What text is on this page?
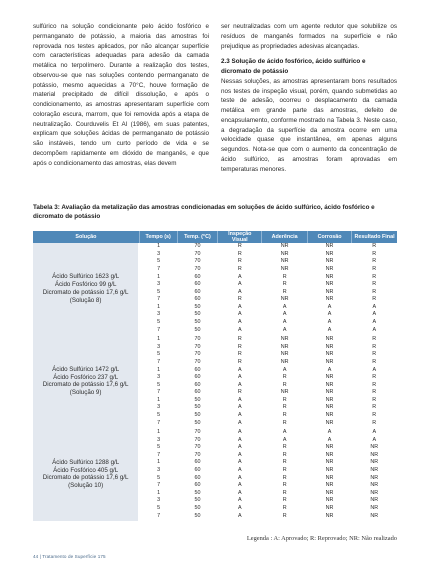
sulfúrico na solução condicionante pelo ácido fosfórico e permanganato de potássio, a maioria das amostras foi reprovada nos testes aplicados, por não alcançar superfície com características adequadas para adesão da camada metálica no terpolímero. Durante a realização dos testes, observou-se que nas soluções contendo permanganato de potássio, mesmo aquecidas a 70°C, houve formação de material precipitado de difícil dissolução, e após o condicionamento, as amostras apresentaram superfície com coloração escura, marrom, que foi removida após a etapa de neutralização. Courduvelis Et Al (1986), em suas patentes, explicam que soluções ácidas de permanganato de potássio são instáveis, tendo um curto período de vida e se decompõem rapidamente em dióxido de manganês, e que após o condicionamento das amostras, elas devem

ser neutralizadas com um agente redutor que solubilize os resíduos de manganês formados na superfície e não prejudique as propriedades adesivas alcançadas.

2.3 Solução de ácido fosfórico, ácido sulfúrico e dicromato de potássio

Nessas soluções, as amostras apresentaram bons resultados nos testes de inspeção visual, porém, quando submetidas ao teste de adesão, ocorreu o desplacamento da camada metálica em grande parte das amostras, defeito de encapsulamento, conforme mostrado na Tabela 3. Neste caso, a degradação da superfície da amostra ocorre em uma velocidade quase que instantânea, em apenas alguns segundos. Nota-se que com o aumento da concentração de ácido sulfúrico, as amostras foram aprovadas em temperaturas menores.

Tabela 3: Avaliação da metalização das amostras condicionadas em soluções de ácido sulfúrico, ácido fosfórico e dicromato de potássio
Solução	Tempo (s)	Temp. (°C)	Inspeção Visual	Aderência	Corrosão	Resultado Final

Ácido Sulfúrico 1623 g/L
Ácido Fosfórico 99 g/L
Dicromato de potássio 17,6 g/L
(Solução 8)	1	70	R	NR	NR	R
	3	70	R	NR	NR	R
	5	70	R	NR	NR	R
	7	70	R	NR	NR	R
	1	60	A	R	NR	R
	3	60	A	R	NR	R
	5	60	A	R	NR	R
	7	60	R	NR	NR	R
	1	50	A	A	A	A
	3	50	A	A	A	A
	5	50	A	A	A	A
	7	50	A	A	A	A

Ácido Sulfúrico 1472 g/L
Ácido Fosfórico 237 g/L
Dicromato de potássio 17,6 g/L
(Solução 9)	1	70	R	NR	NR	R
	3	70	R	NR	NR	R
	5	70	R	NR	NR	R
	7	70	R	NR	NR	R
	1	60	A	A	A	A
	3	60	A	R	NR	R
	5	60	A	R	NR	R
	7	60	R	NR	NR	R
	1	50	A	R	NR	R
	3	50	A	R	NR	R
	5	50	A	R	NR	R
	7	50	A	R	NR	R

Ácido Sulfúrico 1288 g/L
Ácido Fosfórico 405 g/L
Dicromato de potássio 17,6 g/L
(Solução 10)	1	70	A	A	A	A
	3	70	A	A	A	A
	5	70	A	R	NR	NR
	7	70	A	R	NR	NR
	1	60	A	R	NR	NR
	3	60	A	R	NR	NR
	5	60	A	R	NR	NR
	7	60	A	R	NR	NR
	1	50	A	R	NR	NR
	3	50	A	R	NR	NR
	5	50	A	R	NR	NR
	7	50	A	R	NR	NR
Legenda : A: Aprovado; R: Reprovado; NR: Não realizado
44 | Tratamento de Superfície 175
